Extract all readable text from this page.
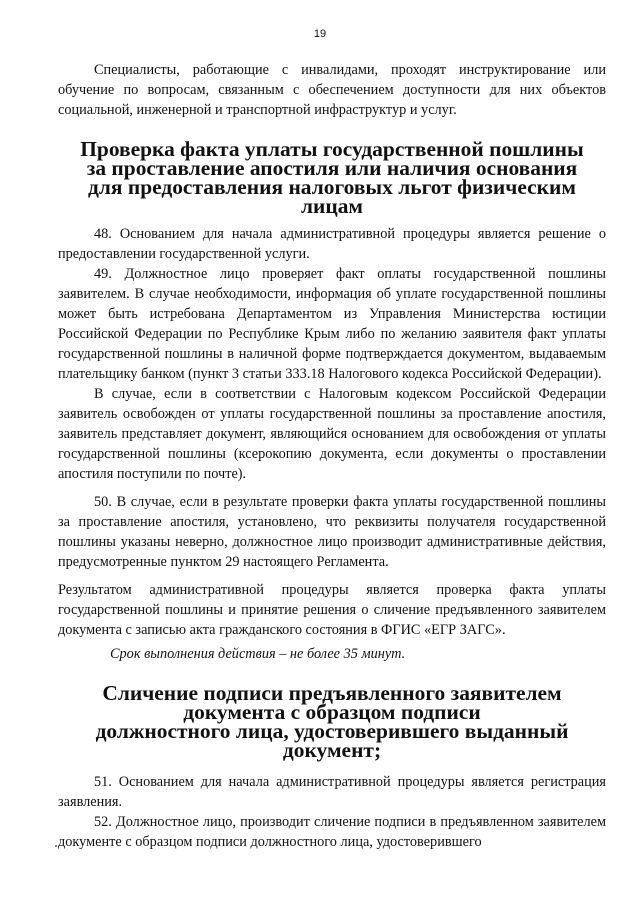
19

Специалисты, работающие с инвалидами, проходят инструктирование или обучение по вопросам, связанным с обеспечением доступности для них объектов социальной, инженерной и транспортной инфраструктур и услуг.

Проверка факта уплаты государственной пошлины
за проставление апостиля или наличия основания
для предоставления налоговых льгот физическим лицам

48. Основанием для начала административной процедуры является решение о предоставлении государственной услуги.

49. Должностное лицо проверяет факт оплаты государственной пошлины заявителем. В случае необходимости, информация об уплате государственной пошлины может быть истребована Департаментом из Управления Министерства юстиции Российской Федерации по Республике Крым либо по желанию заявителя факт уплаты государственной пошлины в наличной форме подтверждается документом, выдаваемым плательщику банком (пункт 3 статьи 333.18 Налогового кодекса Российской Федерации).

В случае, если в соответствии с Налоговым кодексом Российской Федерации заявитель освобожден от уплаты государственной пошлины за проставление апостиля, заявитель представляет документ, являющийся основанием для освобождения от уплаты государственной пошлины (ксерокопию документа, если документы о проставлении апостиля поступили по почте).

50. В случае, если в результате проверки факта уплаты государственной пошлины за проставление апостиля, установлено, что реквизиты получателя государственной пошлины указаны неверно, должностное лицо производит административные действия, предусмотренные пунктом 29 настоящего Регламента.

Результатом административной процедуры является проверка факта уплаты государственной пошлины и принятие решения о сличение предъявленного заявителем документа с записью акта гражданского состояния в ФГИС «ЕГР ЗАГС».

Срок выполнения действия – не более 35 минут.

Сличение подписи предъявленного заявителем документа с образцом подписи
должностного лица, удостоверившего выданный документ;

51. Основанием для начала административной процедуры является регистрация заявления.

52. Должностное лицо, производит сличение подписи в предъявленном заявителем документе с образцом подписи должностного лица, удостоверившего
